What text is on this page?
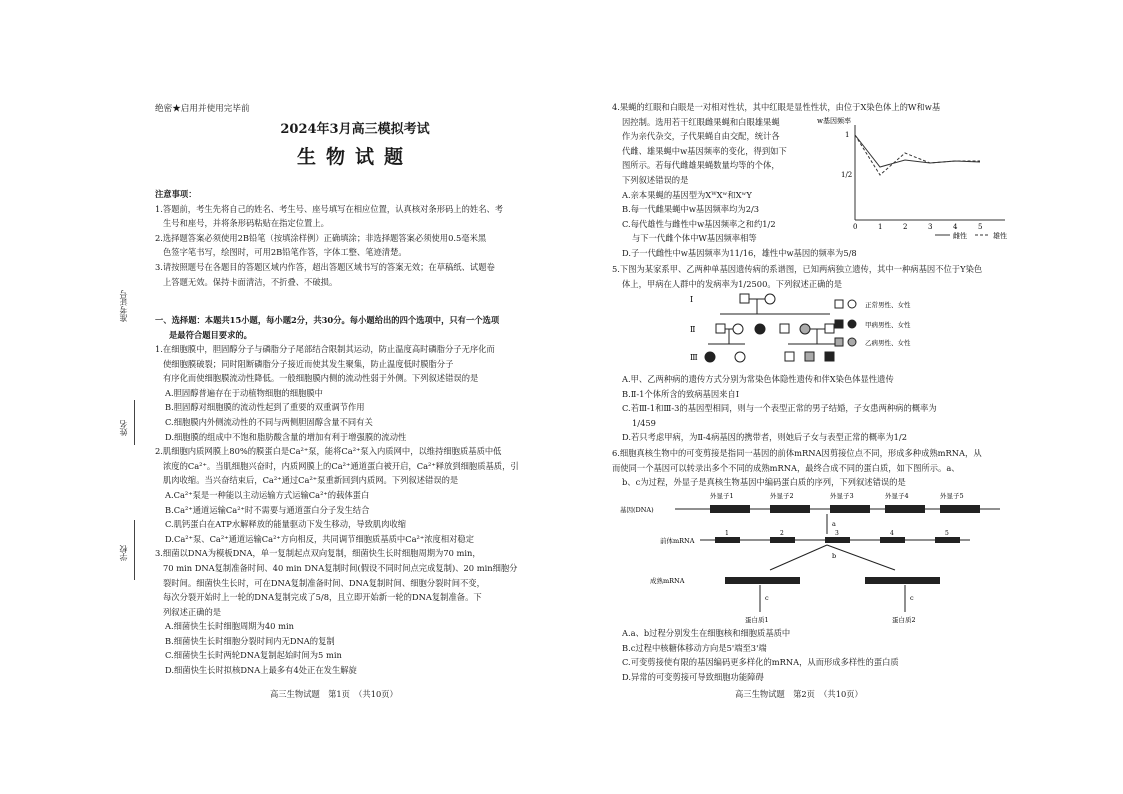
准考证号
姓名
学校
绝密★启用并使用完毕前
2024年3月高三模拟考试
生物试题
注意事项：
1.答题前，考生先将自己的姓名、考生号、座号填写在相应位置，认真核对条形码上的姓名、考
生号和座号，并将条形码粘贴在指定位置上。
2.选择题答案必须使用2B铅笔（按填涂样例）正确填涂；非选择题答案必须使用0.5毫米黑
色签字笔书写，绘图时，可用2B铅笔作答，字体工整、笔迹清楚。
3.请按照题号在各题目的答题区域内作答，超出答题区域书写的答案无效；在草稿纸、试题卷
上答题无效。保持卡面清洁，不折叠、不破损。
一、选择题：本题共15小题，每小题2分，共30分。每小题给出的四个选项中，只有一个选项
是最符合题目要求的。
1.在细胞膜中，胆固醇分子与磷脂分子尾部结合限制其运动，防止温度高时磷脂分子无序化而
使细胞膜破裂；同时阻断磷脂分子接近而使其发生聚集，防止温度低时膜脂分子
有序化而使细胞膜流动性降低。一般细胞膜内侧的流动性弱于外侧。下列叙述错误的是
A.胆固醇普遍存在于动植物细胞的细胞膜中
B.胆固醇对细胞膜的流动性起到了重要的双重调节作用
C.细胞膜内外侧流动性的不同与两侧胆固醇含量不同有关
D.细胞膜的组成中不饱和脂肪酸含量的增加有利于增强膜的流动性
2.肌细胞内质网膜上80%的膜蛋白是Ca²⁺泵，能将Ca²⁺泵入内质网中，以维持细胞质基质中低
浓度的Ca²⁺。当肌细胞兴奋时，内质网膜上的Ca²⁺通道蛋白被开启，Ca²⁺释放到细胞质基质，引
肌肉收缩。当兴奋结束后，Ca²⁺通过Ca²⁺泵重新回到内质网。下列叙述错误的是
A.Ca²⁺泵是一种能以主动运输方式运输Ca²⁺的载体蛋白
B.Ca²⁺通道运输Ca²⁺时不需要与通道蛋白分子发生结合
C.肌钙蛋白在ATP水解释放的能量驱动下发生移动，导致肌肉收缩
D.Ca²⁺泵、Ca²⁺通道运输Ca²⁺方向相反，共同调节细胞质基质中Ca²⁺浓度相对稳定
3.细菌以DNA为模板DNA，单一复制起点双向复制，细菌快生长时细胞周期为70 min，
70 min DNA复制准备时间、40 min DNA复制时间(假设不同时间点完成复制)、20 min细胞分
裂时间。细菌快生长时，可在DNA复制准备时间、DNA复制时间、细胞分裂时间不变，
每次分裂开始时上一轮的DNA复制完成了5/8，且立即开始新一轮的DNA复制准备。下
列叙述正确的是
A.细菌快生长时细胞周期为40 min
B.细菌快生长时细胞分裂时间内无DNA的复制
C.细菌快生长时两轮DNA复制起始时间为5 min
D.细菌快生长时拟核DNA上最多有4处正在发生解旋
高三生物试题　第1页　（共10页）
4.果蝇的红眼和白眼是一对相对性状，其中红眼是显性性状，由位于X染色体上的W和w基
因控制。选用若干红眼雌果蝇和白眼雄果蝇
作为亲代杂交，子代果蝇自由交配，统计各
代雌、雄果蝇中w基因频率的变化，得到如下
图所示。若每代雌雄果蝇数量均等的个体，
下列叙述错误的是
A.亲本果蝇的基因型为XᵂXʷ和XʷY
B.每一代雌果蝇中w基因频率均为2/3
C.每代雄性与雌性中w基因频率之和约1/2
与下一代雌个体中W基因频率相等
D.子一代雌性中w基因频率为11/16，雄性中w基因的频率为5/8
w基因频率
1
1/2
0	1	2	3	4	5
雌性	雄性
5.下图为某家系甲、乙两种单基因遗传病的系谱图，已知两病独立遗传，其中一种病基因不位于Y染色
体上，甲病在人群中的发病率为1/2500。下列叙述正确的是
Ⅰ
Ⅱ
Ⅲ
正常男性、女性
甲病男性、女性
乙病男性、女性
A.甲、乙两种病的遗传方式分别为常染色体隐性遗传和伴X染色体显性遗传
B.Ⅱ-1个体所含的致病基因来自Ⅰ
C.若Ⅲ-1和Ⅲ-3的基因型相同，则与一个表型正常的男子结婚，子女患两种病的概率为
1/459
D.若只考虑甲病，为Ⅱ-4病基因的携带者，则她后子女与表型正常的概率为1/2
6.细胞真核生物中的可变剪接是指同一基因的前体mRNA因剪接位点不同，形成多种成熟mRNA，从
而使同一个基因可以转录出多个不同的成熟mRNA，最终合成不同的蛋白质，如下图所示。a、
b、c为过程，外显子是真核生物基因中编码蛋白质的序列，下列叙述错误的是
外显子1	外显子2	外显子3	外显子4	外显子5
基因(DNA)
a
前体mRNA
1	2	3	4	5
b
成熟mRNA
c	c
蛋白质1	蛋白质2
A.a、b过程分别发生在细胞核和细胞质基质中
B.c过程中核糖体移动方向是5'端至3'端
C.可变剪接使有限的基因编码更多样化的mRNA，从而形成多样性的蛋白质
D.异常的可变剪接可导致细胞功能障碍
高三生物试题　第2页　（共10页）
